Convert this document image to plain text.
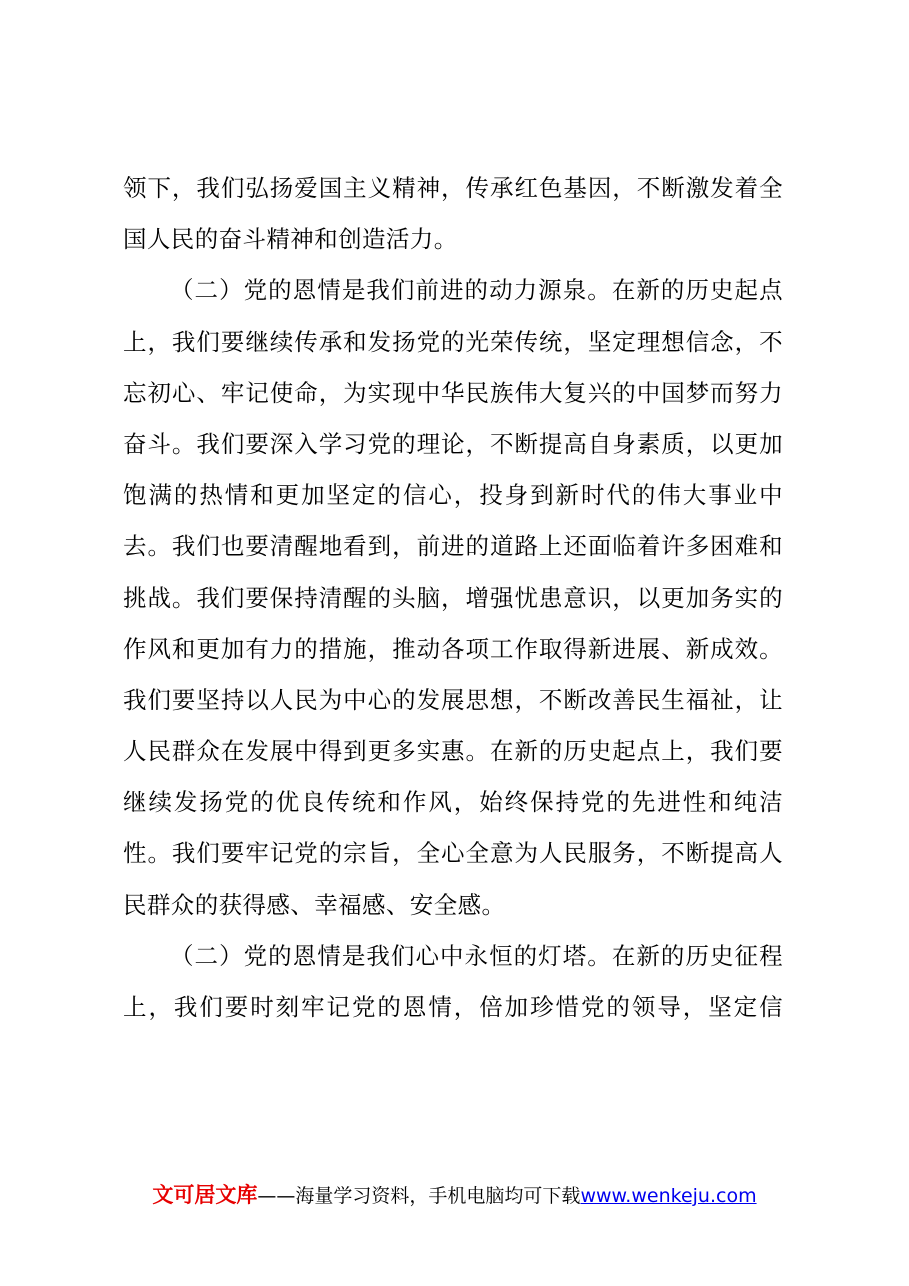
领下，我们弘扬爱国主义精神，传承红色基因，不断激发着全
国人民的奋斗精神和创造活力。
（二）党的恩情是我们前进的动力源泉。在新的历史起点
上，我们要继续传承和发扬党的光荣传统，坚定理想信念，不
忘初心、牢记使命，为实现中华民族伟大复兴的中国梦而努力
奋斗。我们要深入学习党的理论，不断提高自身素质，以更加
饱满的热情和更加坚定的信心，投身到新时代的伟大事业中
去。我们也要清醒地看到，前进的道路上还面临着许多困难和
挑战。我们要保持清醒的头脑，增强忧患意识，以更加务实的
作风和更加有力的措施，推动各项工作取得新进展、新成效。
我们要坚持以人民为中心的发展思想，不断改善民生福祉，让
人民群众在发展中得到更多实惠。在新的历史起点上，我们要
继续发扬党的优良传统和作风，始终保持党的先进性和纯洁
性。我们要牢记党的宗旨，全心全意为人民服务，不断提高人
民群众的获得感、幸福感、安全感。
（二）党的恩情是我们心中永恒的灯塔。在新的历史征程
上，我们要时刻牢记党的恩情，倍加珍惜党的领导，坚定信
文可居文库——海量学习资料，手机电脑均可下载www.wenkeju.com
